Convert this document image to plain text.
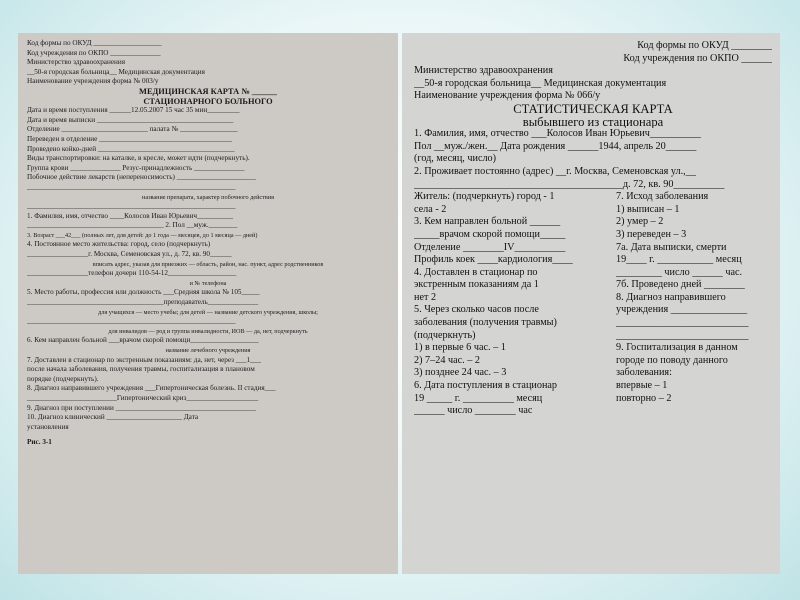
Код формы по ОКУД ___________________
Код учреждения по ОКПО ______________
Министерство здравоохранения
__50-я городская больница__ Медицинская документация
Наименование учреждения форма № 003/у
МЕДИЦИНСКАЯ КАРТА № ______
СТАЦИОНАРНОГО БОЛЬНОГО
Дата и время поступления ______12.05.2007 15 час 35 мин_________
Дата и время выписки ______________________________________
Отделение ________________________ палата № ________________
Переведен в отделение _____________________________________
Проведено койко-дней ______________________________________
Виды транспортировки: на каталке, в кресле, может идти (подчеркнуть).
Группа крови ______________ Резус-принадлежность ______________
Побочное действие лекарств (непереносимость) ______________________
__________________________________________________________
название препарата, характер побочного действия
__________________________________________________________
1. Фамилия, имя, отчество ____Колосов Иван Юрьевич__________
______________________________________ 2. Пол __муж.________
3. Возраст ___42___ (полных лет, для детей: до 1 года — месяцев, до 1 месяца — дней)
4. Постоянное место жительства: город, село (подчеркнуть)
_________________г. Москва, Семеновская ул., д. 72, кв. 90______
вписать адрес, указав для приезжих — область, район, нас. пункт, адрес родственников
_________________телефон дочери 110-54-12___________________
и № телефона
5. Место работы, профессия или должность ___Средняя школа № 105_____
______________________________________преподаватель______________
для учащихся — место учебы; для детей — название детского учреждения, школы;
__________________________________________________________
для инвалидов — род и группа инвалидности, ИОВ — да, нет, подчеркнуть
6. Кем направлен больной ___врачом скорой помощи___________________
название лечебного учреждения
7. Доставлен в стационар по экстренным показаниям: да, нет, через ___1___
после начала заболевания, получения травмы, госпитализация в плановом
порядке (подчеркнуть).
8. Диагноз направившего учреждения ___Гипертоническая болезнь. II стадия___
_________________________Гипертонический криз____________________
9. Диагноз при поступлении _______________________________________
10. Диагноз клинический _____________________ Дата
установления
Рис. 3-1
Код формы по ОКУД ________
Код учреждения по ОКПО ______
Министерство здравоохранения
__50-я городская больница__ Медицинская документация
Наименование учреждения форма № 066/у
СТАТИСТИЧЕСКАЯ КАРТА
выбывшего из стационара
1. Фамилия, имя, отчество ___Колосов Иван Юрьевич__________
Пол __муж./жен.__ Дата рождения ______1944, апрель 20______
(год, месяц, число)
2. Проживает постоянно (адрес) __г. Москва, Семеновская ул.,__
_________________________________________д. 72, кв. 90__________
Житель: (подчеркнуть) город - 1
села - 2
3. Кем направлен больной ______
_____врачом скорой помощи_____
Отделение ________IV__________
Профиль коек ____кардиология____
4. Доставлен в стационар по
экстренным показаниям да 1
нет 2
5. Через сколько часов после
заболевания (получения травмы)
(подчеркнуть)
1) в первые 6 час. – 1
2) 7–24 час. – 2
3) позднее 24 час. – 3
6. Дата поступления в стационар
19 _____ г. __________ месяц
______ число ________ час
7. Исход заболевания
1) выписан – 1
2) умер – 2
3) переведен – 3
7а. Дата выписки, смерти
19____ г. ___________ месяц
_________ число ______ час.
7б. Проведено дней ________
8. Диагноз направившего
учреждения _______________
__________________________
__________________________
9. Госпитализация в данном
городе по поводу данного
заболевания:
впервые – 1
повторно – 2
